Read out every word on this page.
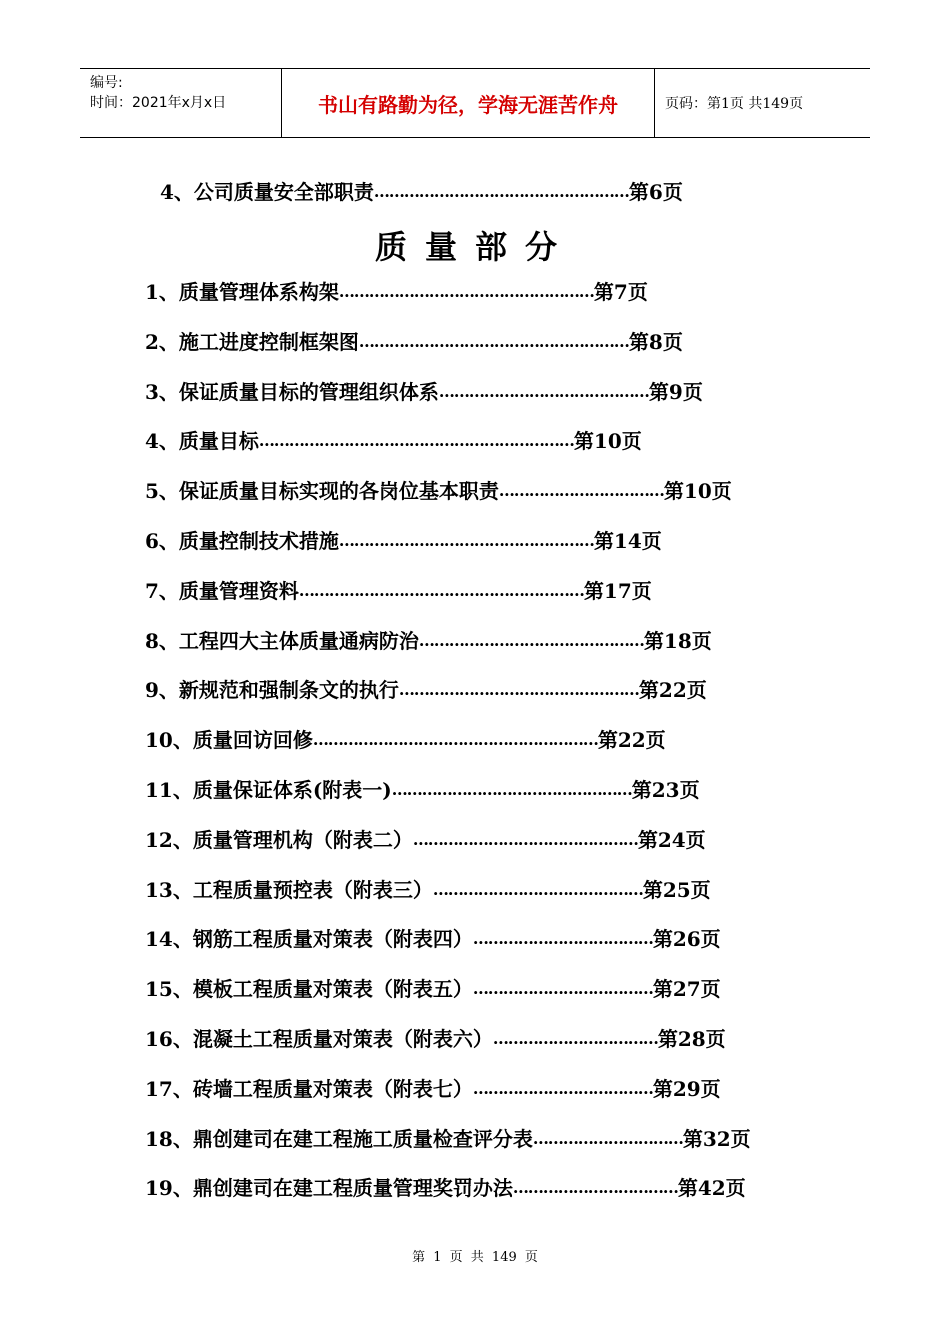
编号:
时间：2021年x月x日	书山有路勤为径，学海无涯苦作舟	页码：第1页 共149页
4、公司质量安全部职责……………………………………………第6页
质量部分
1、质量管理体系构架……………………………………………第7页
2、施工进度控制框架图………………………………………………第8页
3、保证质量目标的管理组织体系……………………………………第9页
4、质量目标………………………………………………………第10页
5、保证质量目标实现的各岗位基本职责……………………………第10页
6、质量控制技术措施……………………………………………第14页
7、质量管理资料…………………………………………………第17页
8、工程四大主体质量通病防治………………………………………第18页
9、新规范和强制条文的执行…………………………………………第22页
10、质量回访回修…………………………………………………第22页
11、质量保证体系(附表一)…………………………………………第23页
12、质量管理机构（附表二）………………………………………第24页
13、工程质量预控表（附表三）……………………………………第25页
14、钢筋工程质量对策表（附表四）………………………………第26页
15、模板工程质量对策表（附表五）………………………………第27页
16、混凝土工程质量对策表（附表六）……………………………第28页
17、砖墙工程质量对策表（附表七）………………………………第29页
18、鼎创建司在建工程施工质量检查评分表…………………………第32页
19、鼎创建司在建工程质量管理奖罚办法……………………………第42页
第 1 页 共 149 页
